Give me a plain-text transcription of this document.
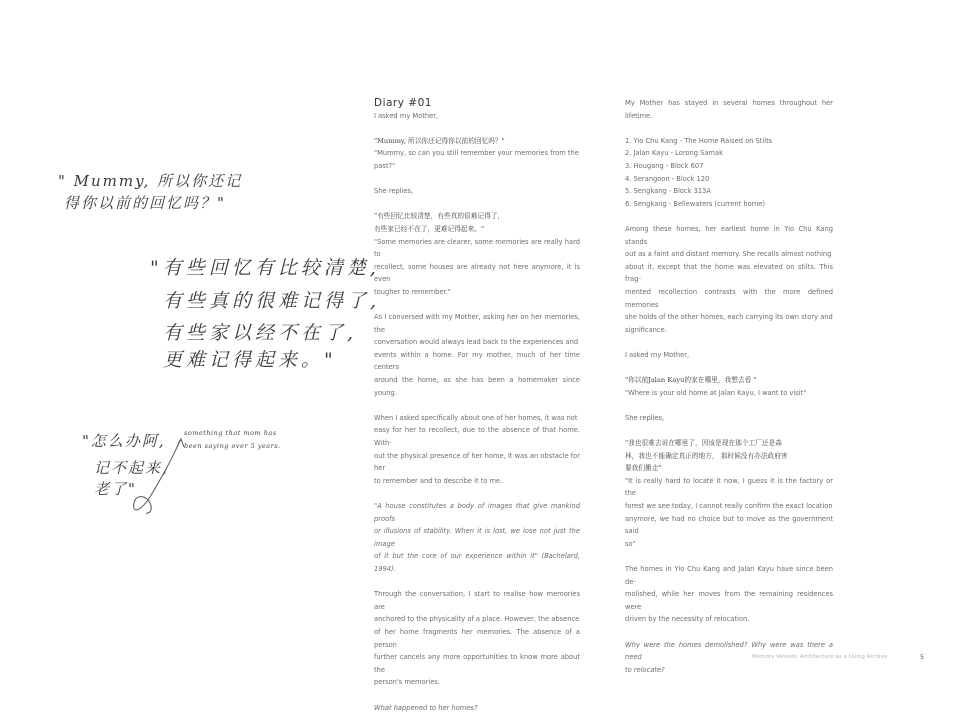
" Mummy, 所以你还记
得你以前的回忆吗？"
"有些回忆有比较清楚,
有些真的很难记得了,
有些家以经不在了,
更难记得起来。"
"怎么办阿,
记不起来,
老了"
something that mom has
been saying over 5 years.

Diary #01

I asked my Mother,

"Mummy, 所以你还记得你以前的回忆吗？"

"Mummy, so can you still remember your memories from the

past?"

She replies,

"有些回忆比较清楚，有些真的很难记得了，

有些家已经不在了，更难记得起来。"

"Some memories are clearer, some memories are really hard to

recollect, some houses are already not here anymore, it is even

tougher to remember."

As I conversed with my Mother, asking her on her memories, the

conversation would always lead back to the experiences and

events within a home. For my mother, much of her time centers

around the home, as she has been a homemaker since young.

When I asked specifically about one of her homes, it was not

easy for her to recollect, due to the absence of that home. With-

out the physical presence of her home, it was an obstacle for her

to remember and to describe it to me.

"A house constitutes a body of images that give mankind proofs

or illusions of stability. When it is lost, we lose not just the image

of it but the core of our experience within it" (Bachelard, 1994).

Through the conversation, I start to realise how memories are

anchored to the physicality of a place. However, the absence

of her home fragments her memories. The absence of a person

further cancels any more opportunities to know more about the

person's memories.

What happened to her homes?

My Mother has stayed in several homes throughout her lifetime.

1. Yio Chu Kang - The Home Raised on Stilts

2. Jalan Kayu - Lorong Samak

3. Hougang - Block 607

4. Serangoon - Block 120

5. Sengkang - Block 313A

6. Sengkang - Bellewaters (current home)

Among these homes, her earliest home in Yio Chu Kang stands

out as a faint and distant memory. She recalls almost nothing

about it, except that the home was elevated on stilts. This frag-

mented recollection contrasts with the more defined memories

she holds of the other homes, each carrying its own story and

significance.

I asked my Mother,

"你以前Jalan Kayu的家在哪里，我想去看 "

"Where is your old home at Jalan Kayu, I want to visit"

She replies,

"我也很难去说在哪里了，因该是现在那个工厂还是森

林，我也不能确定真正的地方， 那时候没有办法政府害

要我们搬走"

"It is really hard to locate it now, I guess it is the factory or the

forest we see today, I cannot really confirm the exact location

anymore, we had no choice but to move as the government said

so"

The homes in Yio Chu Kang and Jalan Kayu have since been de-

molished, while her moves from the remaining residences were

driven by the necessity of relocation.

Why were the homes demolished? Why were was there a need

to relocate?

Memory Vessels: Architecture as a Living Archive	5
